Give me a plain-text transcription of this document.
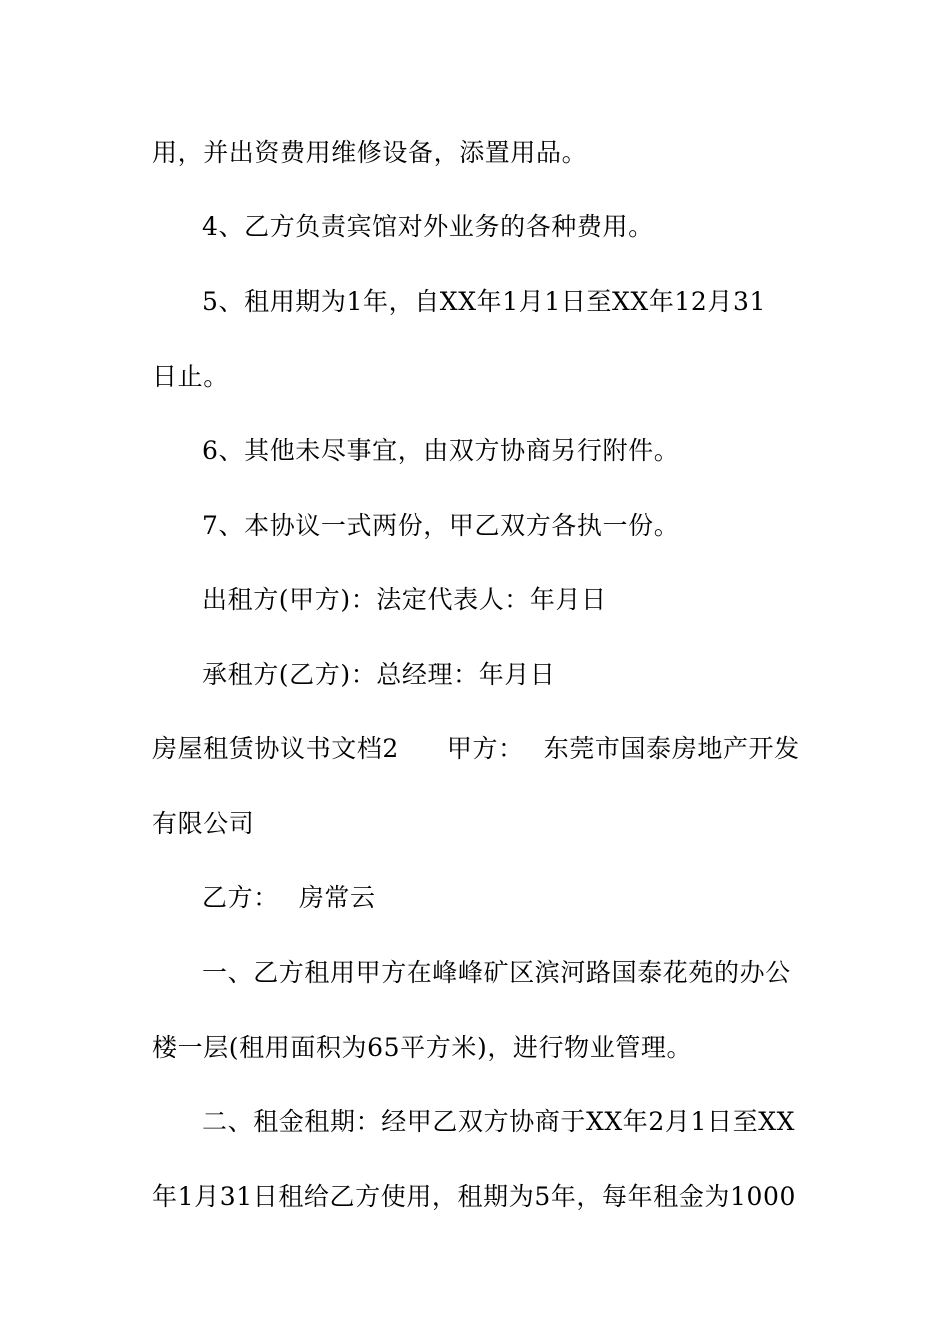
用，并出资费用维修设备，添置用品。
4、乙方负责宾馆对外业务的各种费用。
5、租用期为1年，自XX年1月1日至XX年12月31
日止。
6、其他未尽事宜，由双方协商另行附件。
7、本协议一式两份，甲乙双方各执一份。
出租方(甲方)：法定代表人：年月日
承租方(乙方)：总经理：年月日
房屋租赁协议书文档2 甲方： 东莞市国泰房地产开发
有限公司
乙方： 房常云
一、乙方租用甲方在峰峰矿区滨河路国泰花苑的办公
楼一层(租用面积为65平方米)，进行物业管理。
二、租金租期：经甲乙双方协商于XX年2月1日至XX
年1月31日租给乙方使用，租期为5年，每年租金为1000
